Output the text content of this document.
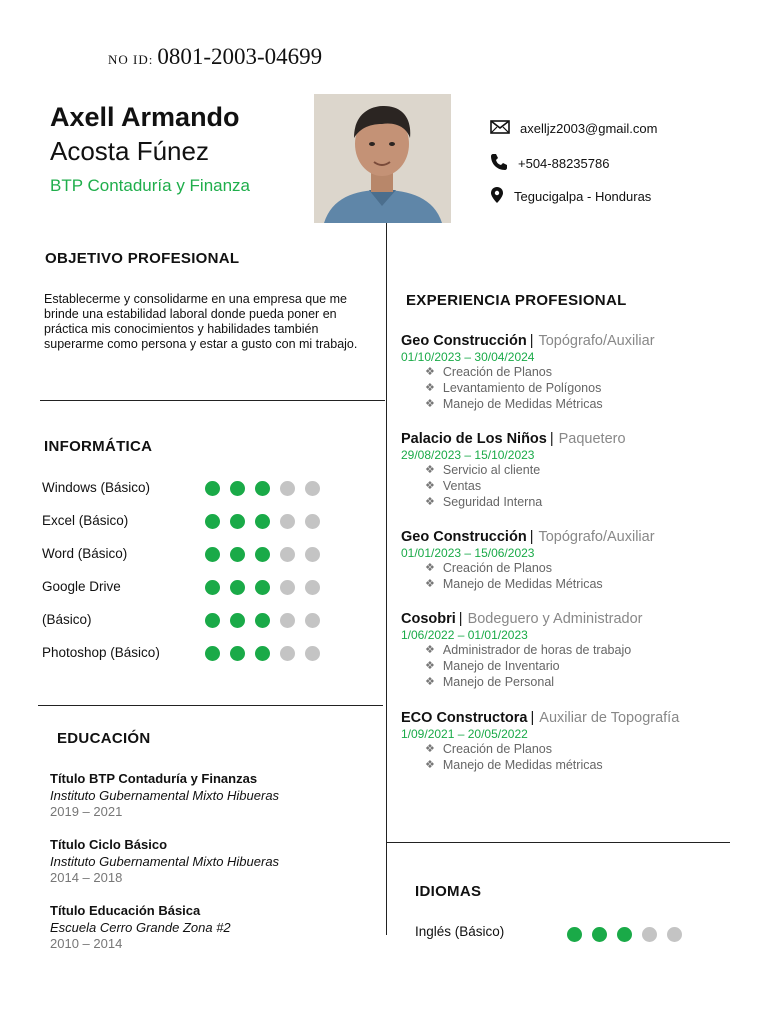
NO ID: 0801-2003-04699
Axell Armando
Acosta Fúnez
BTP Contaduría y Finanza
axelljz2003@gmail.com
+504-88235786
Tegucigalpa - Honduras
OBJETIVO PROFESIONAL
Establecerme y consolidarme en una empresa que me brinde una estabilidad laboral donde pueda poner en práctica mis conocimientos y habilidades también superarme como persona y estar a gusto con mi trabajo.
INFORMÁTICA
Windows (Básico)
Excel (Básico)
Word (Básico)
Google Drive
(Básico)
Photoshop (Básico)
EDUCACIÓN
Título BTP Contaduría y Finanzas
Instituto Gubernamental Mixto Hibueras
2019 – 2021
Título Ciclo Básico
Instituto Gubernamental Mixto Hibueras
2014 – 2018
Título Educación Básica
Escuela Cerro Grande Zona #2
2010 – 2014
EXPERIENCIA PROFESIONAL
Geo Construcción | Topógrafo/Auxiliar
01/10/2023 – 30/04/2024
❖ Creación de Planos
❖ Levantamiento de Polígonos
❖ Manejo de Medidas Métricas
Palacio de Los Niños | Paquetero
29/08/2023 – 15/10/2023
❖ Servicio al cliente
❖ Ventas
❖ Seguridad Interna
Geo Construcción | Topógrafo/Auxiliar
01/01/2023 – 15/06/2023
❖ Creación de Planos
❖ Manejo de Medidas Métricas
Cosobri | Bodeguero y Administrador
1/06/2022 – 01/01/2023
❖ Administrador de horas de trabajo
❖ Manejo de Inventario
❖ Manejo de Personal
ECO Constructora | Auxiliar de Topografía
1/09/2021 – 20/05/2022
❖ Creación de Planos
❖ Manejo de Medidas métricas
IDIOMAS
Inglés (Básico)
